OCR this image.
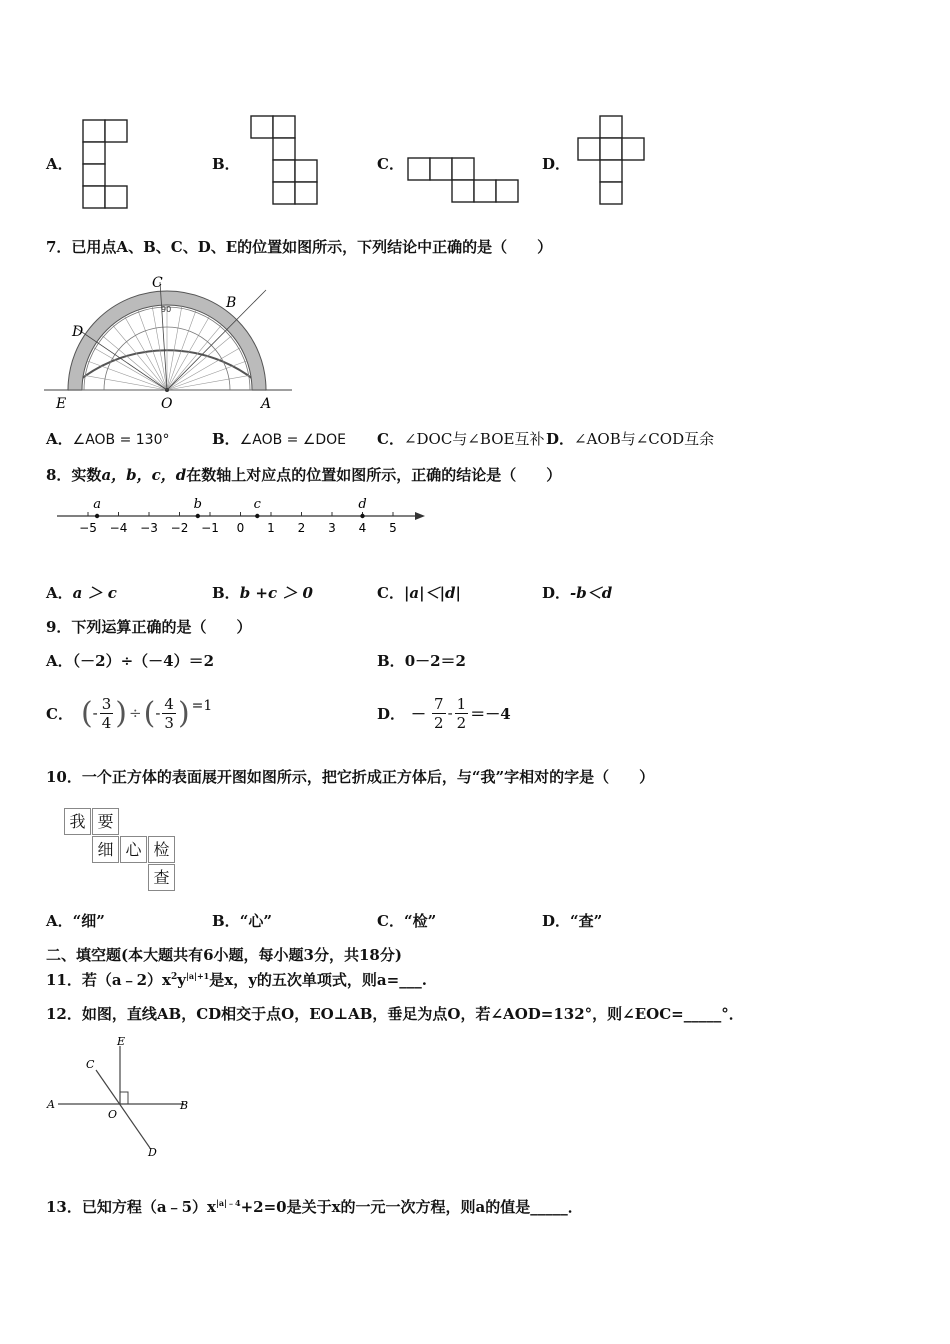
A．	B．	C．	D．
7．已用点A、B、C、D、E的位置如图所示，下列结论中正确的是（　　）
90
C
B
D
E	O	A
A．∠AOB = 130°	B．∠AOB = ∠DOE C．∠DOC与∠BOE互补 D．∠AOB与∠COD互余
8．实数a，b，c，d在数轴上对应点的位置如图所示，正确的结论是（　　）
−5 −4 −3 −2 −1 0 1 2 3 4 5
a	b	c	d
A．a ＞ c	B．b +c ＞ 0	C．|a|＜|d|	D．-b＜d
9．下列运算正确的是（　　）
A．（－2）÷（－4）＝2	B．0－2＝2
C． ( - $\frac{3}{4}$ ) ÷ ( - $\frac{4}{3}$ ) =1	D． － $\frac{7}{2} - \frac{1}{2} =-4$
10．一个正方体的表面展开图如图所示，把它折成正方体后，与“我”字相对的字是（　　）
我 要
细 心 检
查
A．“细”	B．“心”	C．“检”	D．“查”
二、填空题(本大题共有6小题，每小题3分，共18分)
11．若$(a﹣2)x^2y^{|a|+1}$是x，y的五次单项式，则a=___.
12．如图，直线AB，CD相交于点O，EO⊥AB，垂足为点O，若∠AOD=132°，则∠EOC=_____°．
E
C
A
O
B
D
13．已知方程$(a﹣5)x^{|a|﹣4}+2=0$是关于x的一元一次方程，则a的值是_____．
